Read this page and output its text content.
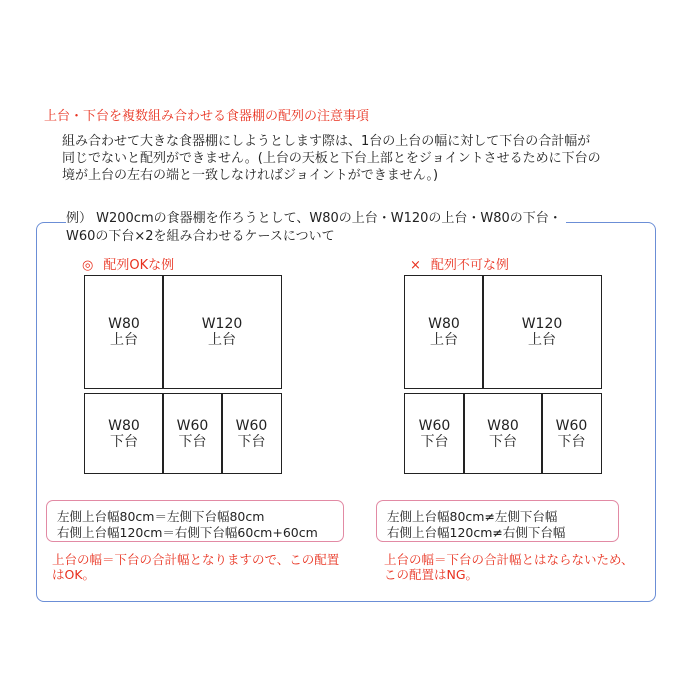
上台・下台を複数組み合わせる食器棚の配列の注意事項
組み合わせて大きな食器棚にしようとします際は、1台の上台の幅に対して下台の合計幅が
同じでないと配列ができません。(上台の天板と下台上部とをジョイントさせるために下台の
境が上台の左右の端と一致しなければジョイントができません。)
例） W200cmの食器棚を作ろうとして、W80の上台・W120の上台・W80の下台・
W60の下台×2を組み合わせるケースについて
◎ 配列OKな例
W80
上台
W120
上台
W80
下台
W60
下台
W60
下台
左側上台幅80cm＝左側下台幅80cm
右側上台幅120cm＝右側下台幅60cm+60cm
上台の幅＝下台の合計幅となりますので、この配置
はOK。
× 配列不可な例
W80
上台
W120
上台
W60
下台
W80
下台
W60
下台
左側上台幅80cm≠左側下台幅
右側上台幅120cm≠右側下台幅
上台の幅＝下台の合計幅とはならないため、
この配置はNG。
